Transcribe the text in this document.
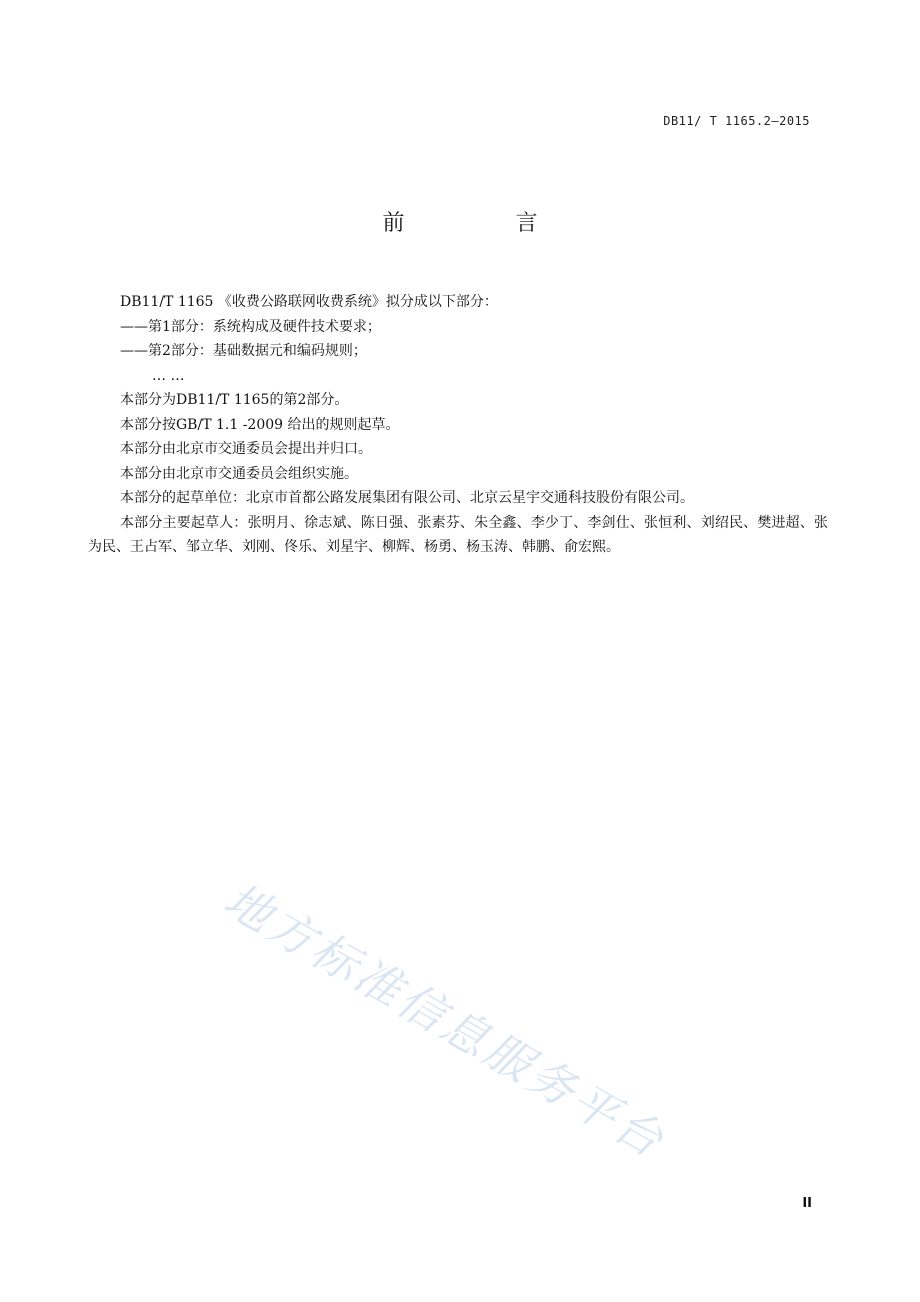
DB11/ T 1165.2—2015
前 言

DB11/T 1165 《收费公路联网收费系统》拟分成以下部分：

——第1部分：系统构成及硬件技术要求；

——第2部分：基础数据元和编码规则；

… …

本部分为DB11/T 1165的第2部分。

本部分按GB/T 1.1 -2009 给出的规则起草。

本部分由北京市交通委员会提出并归口。

本部分由北京市交通委员会组织实施。

本部分的起草单位：北京市首都公路发展集团有限公司、北京云星宇交通科技股份有限公司。

本部分主要起草人：张明月、徐志斌、陈日强、张素芬、朱全鑫、李少丁、李剑仕、张恒利、刘绍民、樊进超、张为民、王占军、邹立华、刘刚、佟乐、刘星宇、柳辉、杨勇、杨玉涛、韩鹏、俞宏熙。

地方标准信息服务平台
II
